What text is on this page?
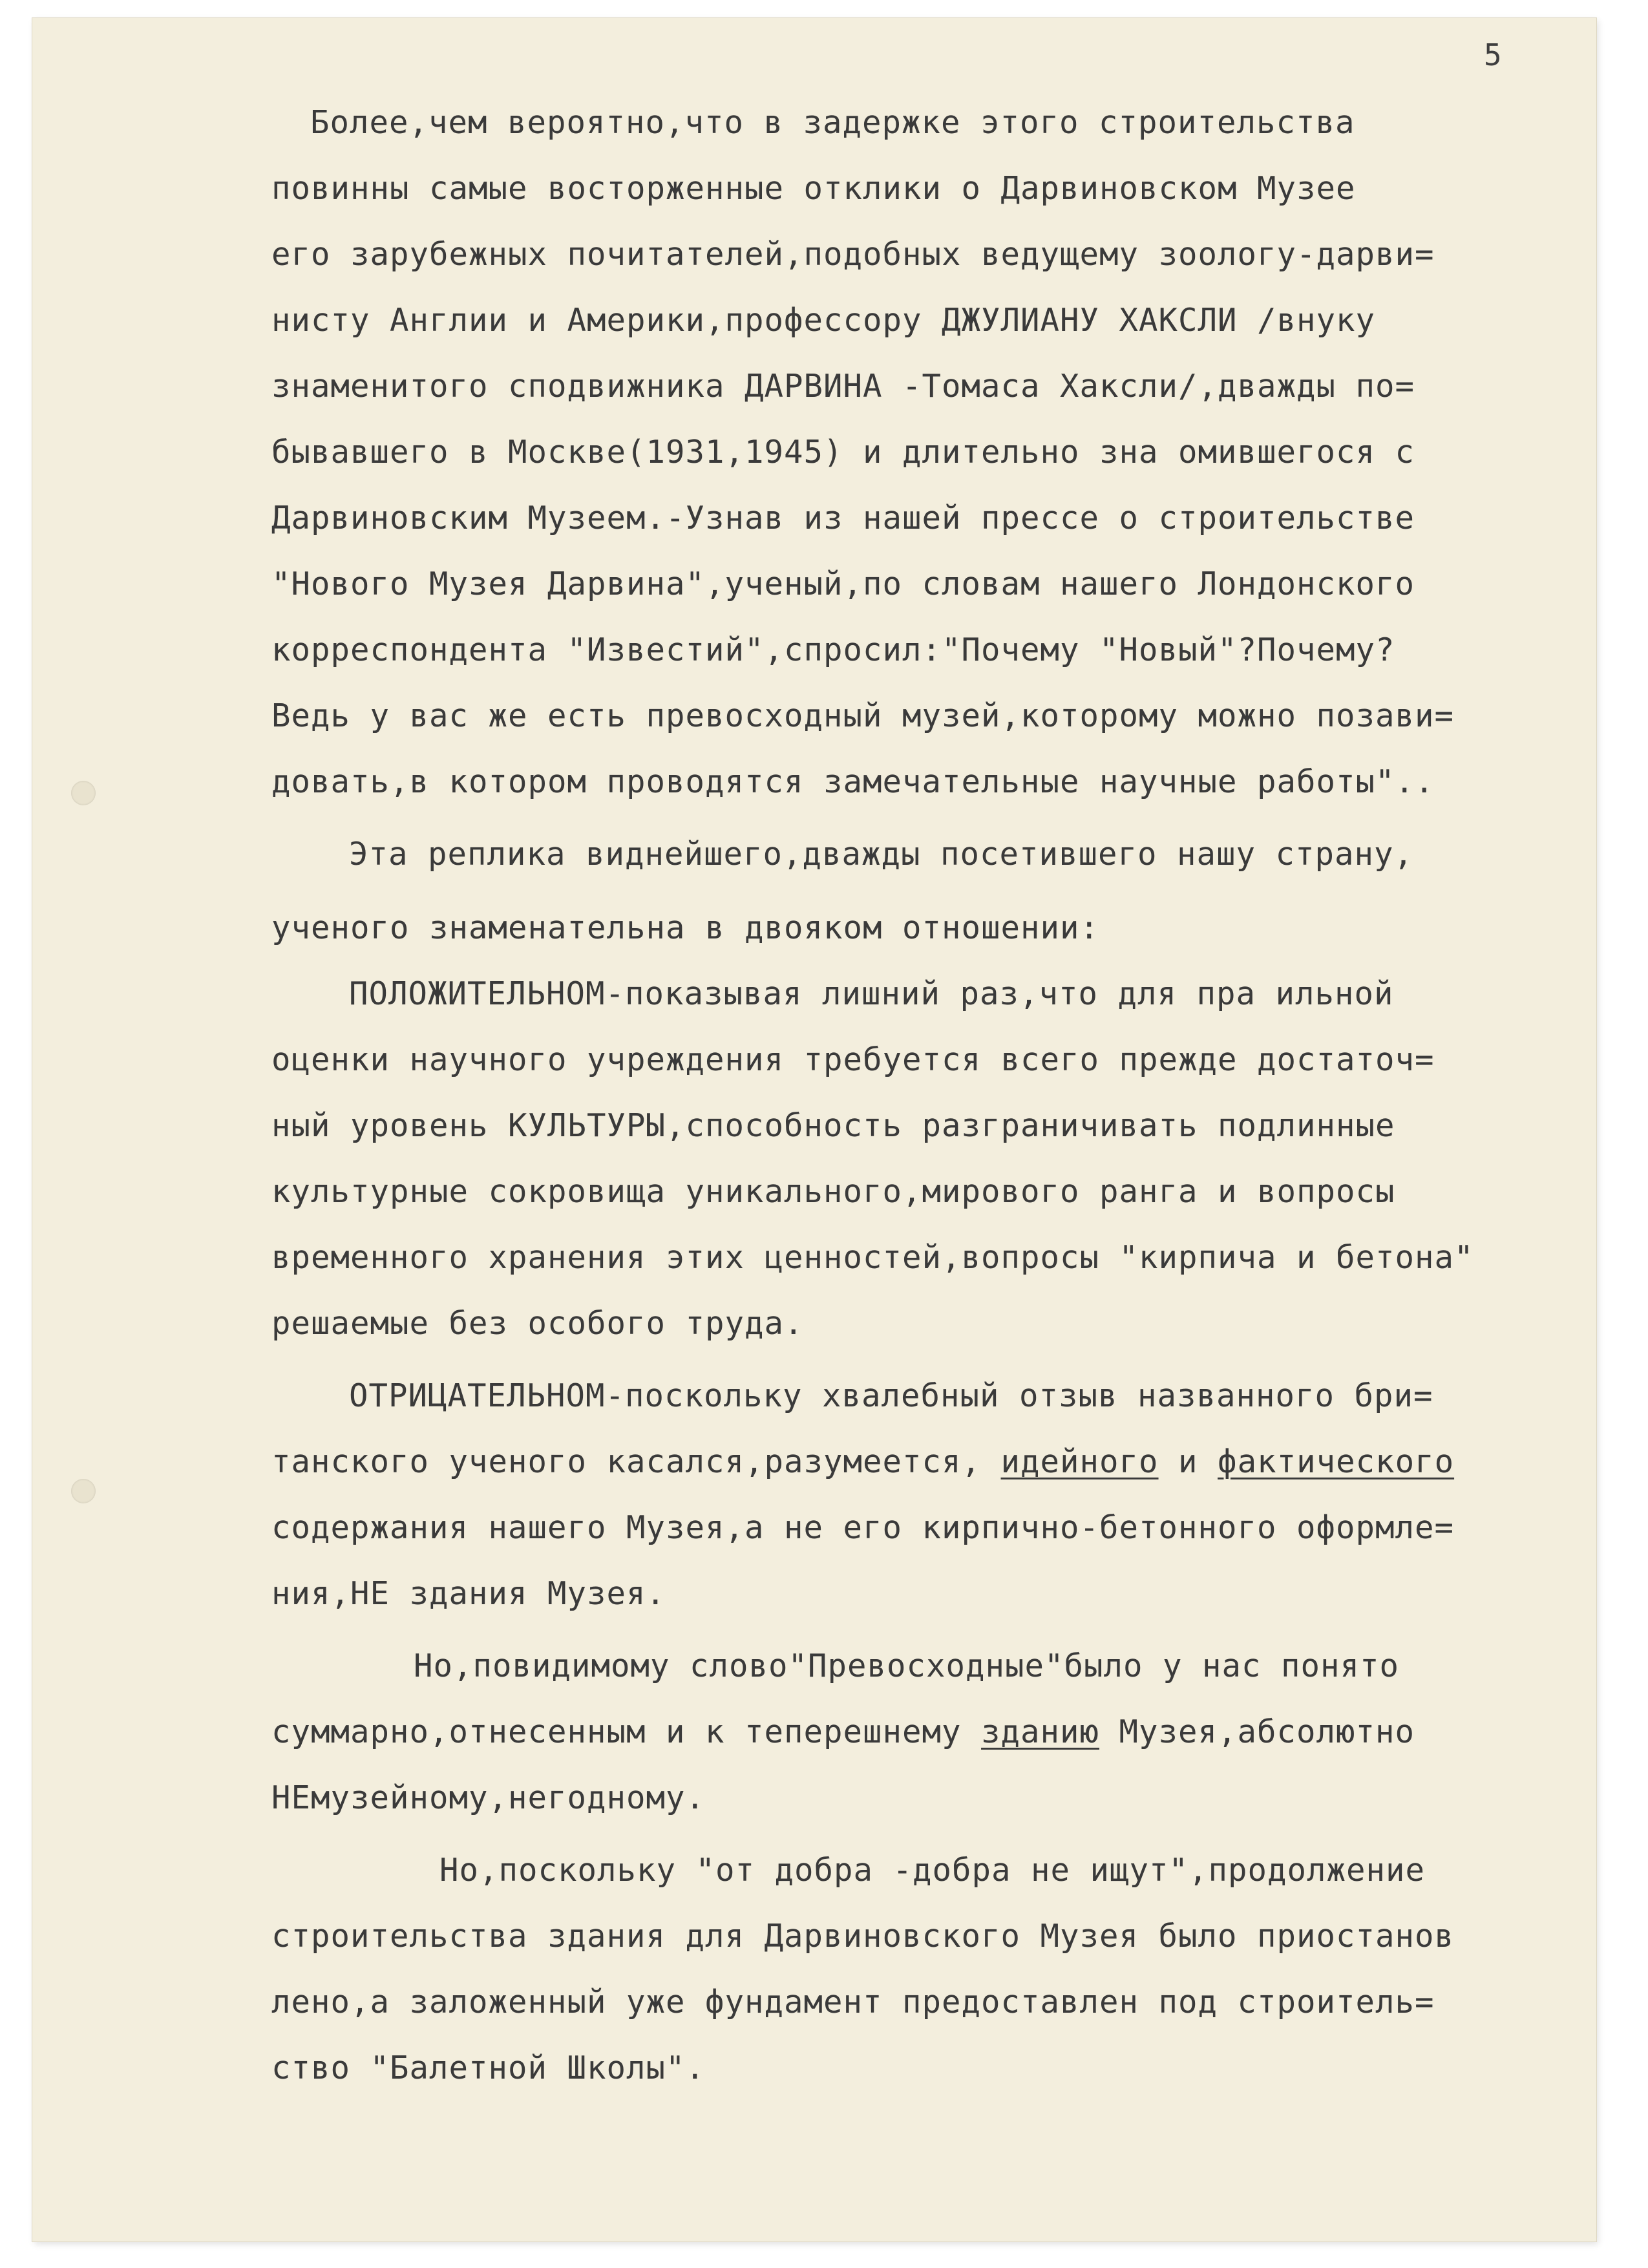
5
Более,чем вероятно,что в задержке этого строительства
повинны самые восторженные отклики о Дарвиновском Музее
его зарубежных почитателей,подобных ведущему зоологу-дарви=
нисту Англии и Америки,профессору ДЖУЛИАНУ ХАКСЛИ /внуку
знаменитого сподвижника ДАРВИНА -Томаса Хаксли/,дважды по=
бывавшего в Москве(1931,1945) и длительно зна омившегося с
Дарвиновским Музеем.-Узнав из нашей прессе о строительстве
"Нового Музея Дарвина",ученый,по словам нашего Лондонского
корреспондента "Известий",спросил:"Почему "Новый"?Почему?
Ведь у вас же есть превосходный музей,которому можно позави=
довать,в котором проводятся замечательные научные работы"..
Эта реплика виднейшего,дважды посетившего нашу страну,
ученого знаменательна в двояком отношении:
ПОЛОЖИТЕЛЬНОМ-показывая лишний раз,что для пра ильной
оценки научного учреждения требуется всего прежде достаточ=
ный уровень КУЛЬТУРЫ,способность разграничивать подлинные
культурные сокровища уникального,мирового ранга и вопросы
временного хранения этих ценностей,вопросы "кирпича и бетона"
решаемые без особого труда.
ОТРИЦАТЕЛЬНОМ-поскольку хвалебный отзыв названного бри=
танского ученого касался,разумеется, идейного и фактического
содержания нашего Музея,а не его кирпично-бетонного оформле=
ния,НЕ здания Музея.
Но,повидимому слово"Превосходные"было у нас понято
суммарно,отнесенным и к теперешнему зданию Музея,абсолютно
НЕмузейному,негодному.
Но,поскольку "от добра -добра не ищут",продолжение
строительства здания для Дарвиновского Музея было приостанов
лено,а заложенный уже фундамент предоставлен под строитель=
ство "Балетной Школы".
